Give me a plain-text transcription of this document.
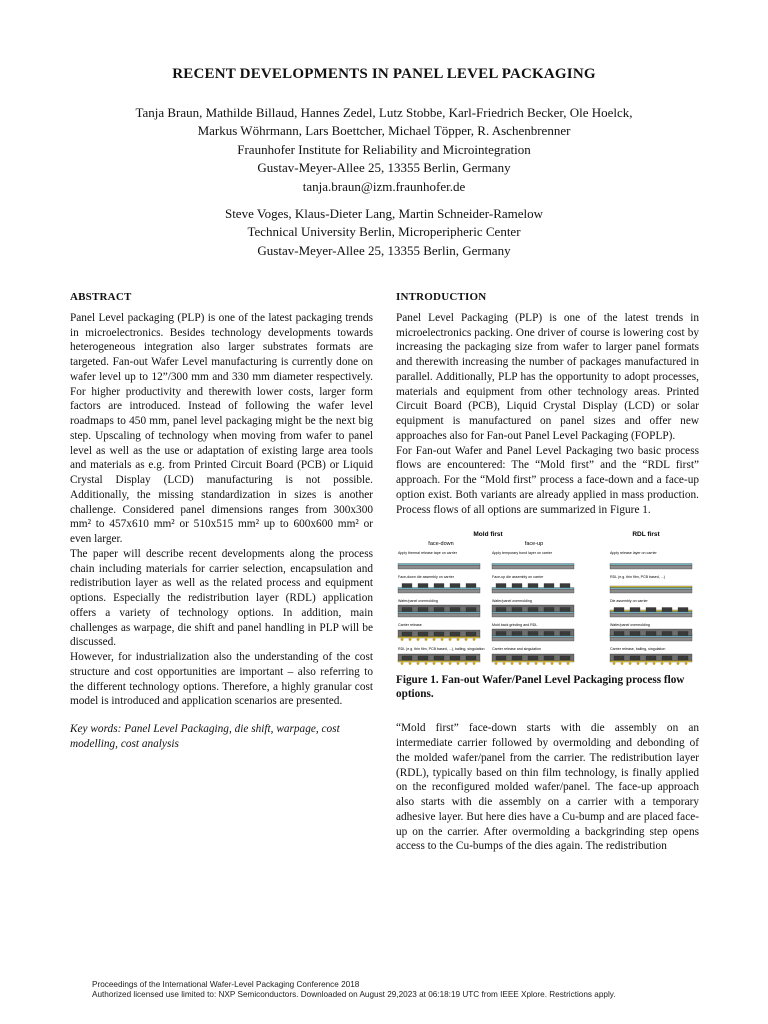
RECENT DEVELOPMENTS IN PANEL LEVEL PACKAGING
Tanja Braun, Mathilde Billaud, Hannes Zedel, Lutz Stobbe, Karl-Friedrich Becker, Ole Hoelck,
Markus Wöhrmann, Lars Boettcher, Michael Töpper, R. Aschenbrenner
Fraunhofer Institute for Reliability and Microintegration
Gustav-Meyer-Allee 25, 13355 Berlin, Germany
tanja.braun@izm.fraunhofer.de
Steve Voges, Klaus-Dieter Lang, Martin Schneider-Ramelow
Technical University Berlin, Microperipheric Center
Gustav-Meyer-Allee 25, 13355 Berlin, Germany
ABSTRACT

Panel Level packaging (PLP) is one of the latest packaging trends in microelectronics. Besides technology developments towards heterogeneous integration also larger substrates formats are targeted. Fan-out Wafer Level manufacturing is currently done on wafer level up to 12”/300 mm and 330 mm diameter respectively. For higher productivity and therewith lower costs, larger form factors are introduced. Instead of following the wafer level roadmaps to 450 mm, panel level packaging might be the next big step. Upscaling of technology when moving from wafer to panel level as well as the use or adaptation of existing large area tools and materials as e.g. from Printed Circuit Board (PCB) or Liquid Crystal Display (LCD) manufacturing is not possible. Additionally, the missing standardization in sizes is another challenge. Considered panel dimensions ranges from 300x300 mm² to 457x610 mm² or 510x515 mm² up to 600x600 mm² or even larger.

The paper will describe recent developments along the process chain including materials for carrier selection, encapsulation and redistribution layer as well as the related process and equipment options. Especially the redistribution layer (RDL) application offers a variety of technology options. In addition, main challenges as warpage, die shift and panel handling in PLP will be discussed.

However, for industrialization also the understanding of the cost structure and cost opportunities are important – also referring to the different technology options. Therefore, a highly granular cost model is introduced and application scenarios are presented.

Key words: Panel Level Packaging, die shift, warpage, cost modelling, cost analysis
INTRODUCTION

Panel Level Packaging (PLP) is one of the latest trends in microelectronics packing. One driver of course is lowering cost by increasing the packaging size from wafer to larger panel formats and therewith increasing the number of packages manufactured in parallel. Additionally, PLP has the opportunity to adopt processes, materials and equipment from other technology areas. Printed Circuit Board (PCB), Liquid Crystal Display (LCD) or solar equipment is manufactured on panel sizes and offer new approaches also for Fan-out Panel Level Packaging (FOPLP).

For Fan-out Wafer and Panel Level Packaging two basic process flows are encountered: The “Mold first” and the “RDL first” approach. For the “Mold first” process a face-down and a face-up option exist. Both variants are already applied in mass production. Process flows of all options are summarized in Figure 1.

Mold first	RDL first
face-down	face-up
Apply thermal release tape on carrier
Face-down die assembly on carrier
Wafer/panel overmolding
Carrier release
RDL (e.g. thin film, PCB based, ...), balling, singulation
Apply temporary bond layer on carrier
Face-up die assembly on carrier
Wafer/panel overmolding
Mold back grinding and RDL
Carrier release and singulation
Apply release layer on carrier
RDL (e.g. thin film, PCB based, ...)
Die assembly on carrier
Wafer/panel overmolding
Carrier release, balling, singulation
Figure 1. Fan-out Wafer/Panel Level Packaging process flow options.

“Mold first” face-down starts with die assembly on an intermediate carrier followed by overmolding and debonding of the molded wafer/panel from the carrier. The redistribution layer (RDL), typically based on thin film technology, is finally applied on the reconfigured molded wafer/panel. The face-up approach also starts with die assembly on a carrier with a temporary adhesive layer. But here dies have a Cu-bump and are placed face-up on the carrier. After overmolding a backgrinding step opens access to the Cu-bumps of the dies again. The redistribution

Proceedings of the International Wafer-Level Packaging Conference 2018
Authorized licensed use limited to: NXP Semiconductors. Downloaded on August 29,2023 at 06:18:19 UTC from IEEE Xplore. Restrictions apply.
